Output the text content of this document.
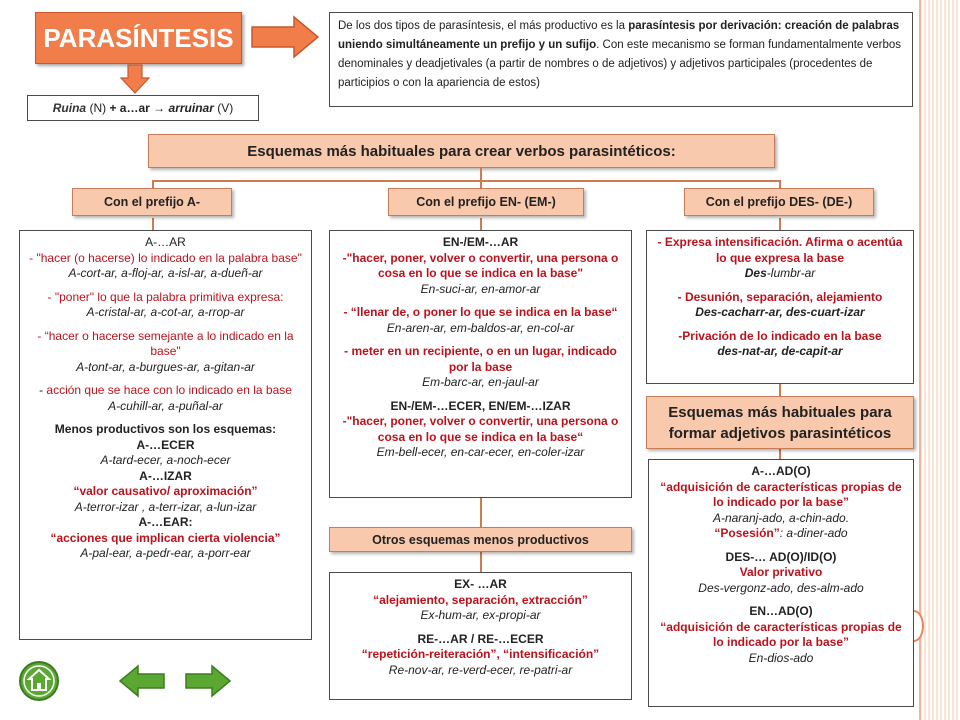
PARASÍNTESIS
Ruina (N) + a…ar → arruinar (V)
De los dos tipos de parasíntesis, el más productivo es la parasíntesis por derivación: creación de palabras uniendo simultáneamente un prefijo y un sufijo. Con este mecanismo se forman fundamentalmente verbos denominales y deadjetivales (a partir de nombres o de adjetivos) y adjetivos participales (procedentes de participios o con la apariencia de estos)
Esquemas más habituales para crear verbos parasintéticos:
Con el prefijo A-	Con el prefijo EN- (EM-)	Con el prefijo DES- (DE-)

A-…AR

- "hacer (o hacerse) lo indicado en la palabra base"

A-cort-ar, a-floj-ar, a-isl-ar, a-dueñ-ar

- "poner" lo que la palabra primitiva expresa:

A-cristal-ar, a-cot-ar, a-rrop-ar

- “hacer o hacerse semejante a lo indicado en la base"

A-tont-ar, a-burgues-ar, a-gitan-ar

- acción que se hace con lo indicado en la base

A-cuhill-ar, a-puñal-ar

Menos productivos son los esquemas:

A-…ECER

A-tard-ecer, a-noch-ecer

A-…IZAR

“valor causativo/ aproximación”

A-terror-izar , a-terr-izar, a-lun-izar

A-…EAR:

“acciones que implican cierta violencia”

A-pal-ear, a-pedr-ear, a-porr-ear

EN-/EM-…AR

-"hacer, poner, volver o convertir, una persona o cosa en lo que se indica en la base"

En-suci-ar, en-amor-ar

- “llenar de, o poner lo que se indica en la base“

En-aren-ar, em-baldos-ar, en-col-ar

- meter en un recipiente, o en un lugar, indicado por la base

Em-barc-ar, en-jaul-ar

EN-/EM-…ECER, EN/EM-…IZAR

-"hacer, poner, volver o convertir, una persona o cosa en lo que se indica en la base“

Em-bell-ecer, en-car-ecer, en-coler-izar

- Expresa intensificación. Afirma o acentúa lo que expresa la base

Des-lumbr-ar

- Desunión, separación, alejamiento

Des-cacharr-ar, des-cuart-izar

-Privación de lo indicado en la base

des-nat-ar, de-capit-ar

Esquemas más habituales para formar adjetivos parasintéticos

A-…AD(O)

“adquisición de características propias de lo indicado por la base”

A-naranj-ado, a-chin-ado.

“Posesión”: a-diner-ado

DES-… AD(O)/ID(O)

Valor privativo

Des-vergonz-ado, des-alm-ado

EN…AD(O)

“adquisición de características propias de lo indicado por la base”

En-dios-ado

Otros esquemas menos productivos

EX- …AR

“alejamiento, separación, extracción”

Ex-hum-ar, ex-propi-ar

RE-…AR / RE-…ECER

“repetición-reiteración”, “intensificación”

Re-nov-ar, re-verd-ecer, re-patri-ar
